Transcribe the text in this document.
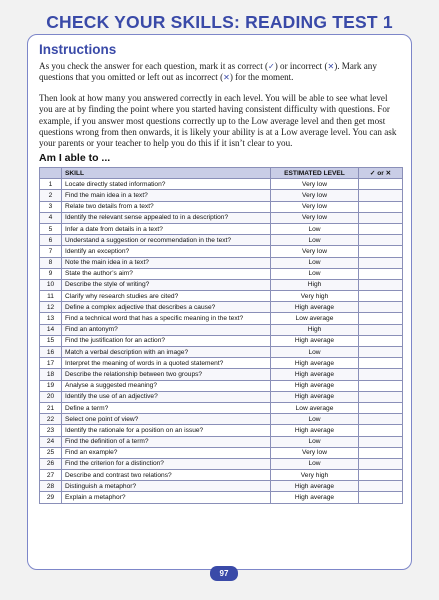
CHECK YOUR SKILLS: READING TEST 1
Instructions

As you check the answer for each question, mark it as correct (✓) or incorrect (✕). Mark any questions that you omitted or left out as incorrect (✕) for the moment.

Then look at how many you answered correctly in each level. You will be able to see what level you are at by finding the point where you started having consistent difficulty with questions. For example, if you answer most questions correctly up to the Low average level and then get most questions wrong from then onwards, it is likely your ability is at a Low average level. You can ask your parents or your teacher to help you do this if it isn’t clear to you.

Am I able to ...
	SKILL	ESTIMATED LEVEL	✓ or ✕
1	Locate directly stated information?	Very low	
2	Find the main idea in a text?	Very low	
3	Relate two details from a text?	Very low	
4	Identify the relevant sense appealed to in a description?	Very low	
5	Infer a date from details in a text?	Low	
6	Understand a suggestion or recommendation in the text?	Low	
7	Identify an exception?	Very low	
8	Note the main idea in a text?	Low	
9	State the author’s aim?	Low	
10	Describe the style of writing?	High	
11	Clarify why research studies are cited?	Very high	
12	Define a complex adjective that describes a cause?	High average	
13	Find a technical word that has a specific meaning in the text?	Low average	
14	Find an antonym?	High	
15	Find the justification for an action?	High average	
16	Match a verbal description with an image?	Low	
17	Interpret the meaning of words in a quoted statement?	High average	
18	Describe the relationship between two groups?	High average	
19	Analyse a suggested meaning?	High average	
20	Identify the use of an adjective?	High average	
21	Define a term?	Low average	
22	Select one point of view?	Low	
23	Identify the rationale for a position on an issue?	High average	
24	Find the definition of a term?	Low	
25	Find an example?	Very low	
26	Find the criterion for a distinction?	Low	
27	Describe and contrast two relations?	Very high	
28	Distinguish a metaphor?	High average	
29	Explain a metaphor?	High average	
97
